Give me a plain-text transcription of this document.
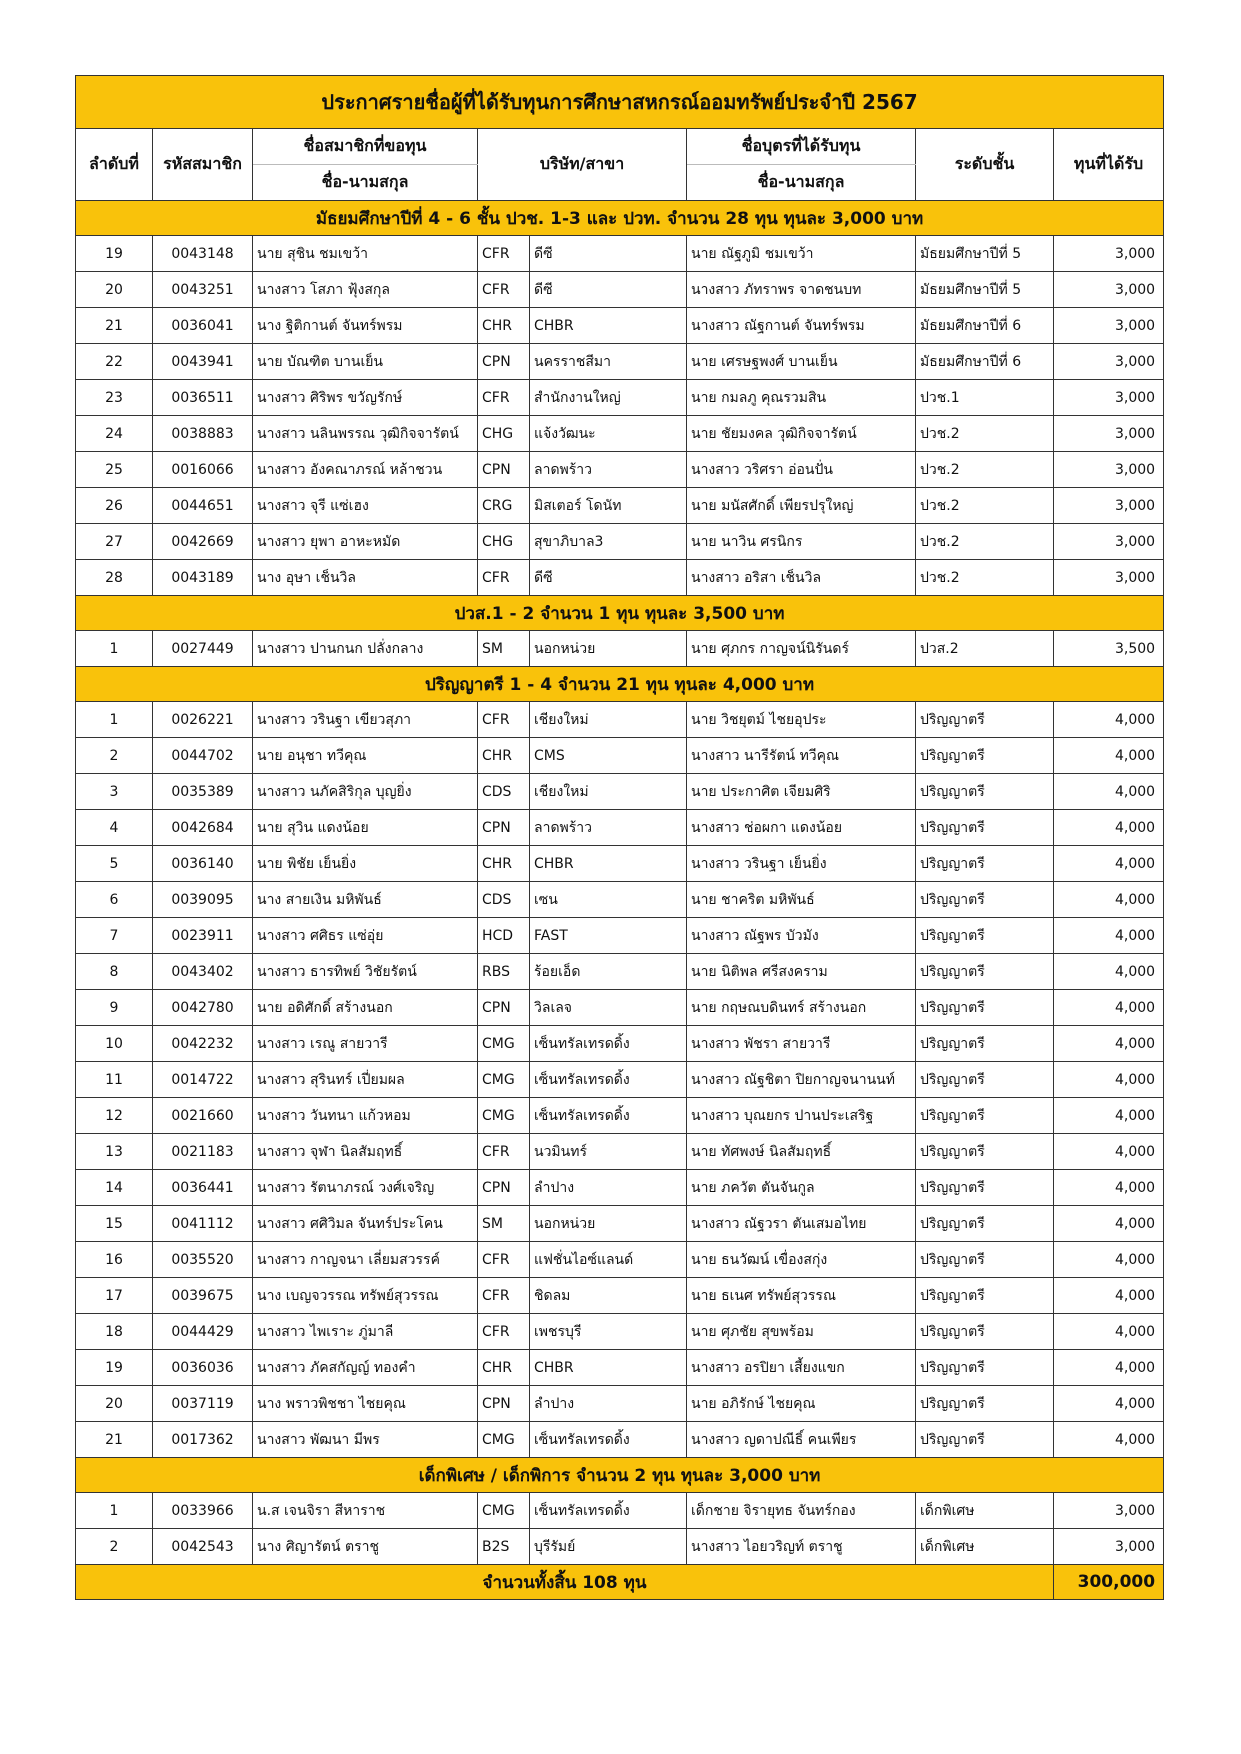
ประกาศรายชื่อผู้ที่ได้รับทุนการศึกษาสหกรณ์ออมทรัพย์ประจำปี 2567							
ลำดับที่	รหัสสมาชิก	ชื่อสมาชิกที่ขอทุน	บริษัท/สาขา		ชื่อบุตรที่ได้รับทุน	ระดับชั้น	ทุนที่ได้รับ
		ชื่อ-นามสกุล			ชื่อ-นามสกุล		
มัธยมศึกษาปีที่ 4 - 6 ชั้น ปวช. 1-3 และ ปวท. จำนวน 28 ทุน ทุนละ 3,000 บาท							
19	0043148	นาย สุชิน ชมเขว้า	CFR	ดีซี	นาย ณัฐภูมิ ชมเขว้า	มัธยมศึกษาปีที่ 5	3,000
20	0043251	นางสาว โสภา ฟุ้งสกุล	CFR	ดีซี	นางสาว ภัทราพร จาดชนบท	มัธยมศึกษาปีที่ 5	3,000
21	0036041	นาง ฐิติกานต์ จันทร์พรม	CHR	CHBR	นางสาว ณัฐกานต์ จันทร์พรม	มัธยมศึกษาปีที่ 6	3,000
22	0043941	นาย บัณฑิต บานเย็น	CPN	นครราชสีมา	นาย เศรษฐพงศ์ บานเย็น	มัธยมศึกษาปีที่ 6	3,000
23	0036511	นางสาว ศิริพร ขวัญรักษ์	CFR	สำนักงานใหญ่	นาย กมลภู คุณรวมสิน	ปวช.1	3,000
24	0038883	นางสาว นลินพรรณ วุฒิกิจจารัตน์	CHG	แจ้งวัฒนะ	นาย ชัยมงคล วุฒิกิจจารัตน์	ปวช.2	3,000
25	0016066	นางสาว อังคณาภรณ์ หล้าชวน	CPN	ลาดพร้าว	นางสาว วริศรา อ่อนปั่น	ปวช.2	3,000
26	0044651	นางสาว จุรี แซ่เฮง	CRG	มิสเตอร์ โดนัท	นาย มนัสศักดิ์ เพียรปรุใหญ่	ปวช.2	3,000
27	0042669	นางสาว ยุพา อาหะหมัด	CHG	สุขาภิบาล3	นาย นาวิน ศรนิกร	ปวช.2	3,000
28	0043189	นาง อุษา เช็นวิล	CFR	ดีซี	นางสาว อริสา เช็นวิล	ปวช.2	3,000
ปวส.1 - 2 จำนวน 1 ทุน ทุนละ 3,500 บาท							
1	0027449	นางสาว ปานกนก ปลั่งกลาง	SM	นอกหน่วย	นาย ศุภกร กาญจน์นิรันดร์	ปวส.2	3,500
ปริญญาตรี 1 - 4 จำนวน 21 ทุน ทุนละ 4,000 บาท							
1	0026221	นางสาว วรินฐา เขียวสุภา	CFR	เชียงใหม่	นาย วิชยุตม์ ไชยอุประ	ปริญญาตรี	4,000
2	0044702	นาย อนุชา ทวีคุณ	CHR	CMS	นางสาว นารีรัตน์ ทวีคุณ	ปริญญาตรี	4,000
3	0035389	นางสาว นภัคสิริกุล บุญยิ่ง	CDS	เชียงใหม่	นาย ประกาศิต เจียมศิริ	ปริญญาตรี	4,000
4	0042684	นาย สุวิน แดงน้อย	CPN	ลาดพร้าว	นางสาว ช่อผกา แดงน้อย	ปริญญาตรี	4,000
5	0036140	นาย พิชัย เย็นยิ่ง	CHR	CHBR	นางสาว วรินฐา เย็นยิ่ง	ปริญญาตรี	4,000
6	0039095	นาง สายเงิน มหิพันธ์	CDS	เซน	นาย ชาคริต มหิพันธ์	ปริญญาตรี	4,000
7	0023911	นางสาว ศศิธร แซ่อุ่ย	HCD	FAST	นางสาว ณัฐพร บัวมัง	ปริญญาตรี	4,000
8	0043402	นางสาว ธารทิพย์ วิชัยรัตน์	RBS	ร้อยเอ็ด	นาย นิติพล ศรีสงคราม	ปริญญาตรี	4,000
9	0042780	นาย อดิศักดิ์ สร้างนอก	CPN	วิลเลจ	นาย กฤษณบดินทร์ สร้างนอก	ปริญญาตรี	4,000
10	0042232	นางสาว เรณู สายวารี	CMG	เซ็นทรัลเทรดดิ้ง	นางสาว พัชรา สายวารี	ปริญญาตรี	4,000
11	0014722	นางสาว สุรินทร์ เปี่ยมผล	CMG	เซ็นทรัลเทรดดิ้ง	นางสาว ณัฐชิตา ปิยกาญจนานนท์	ปริญญาตรี	4,000
12	0021660	นางสาว วันทนา แก้วหอม	CMG	เซ็นทรัลเทรดดิ้ง	นางสาว บุณยกร ปานประเสริฐ	ปริญญาตรี	4,000
13	0021183	นางสาว จุฬา นิลสัมฤทธิ์	CFR	นวมินทร์	นาย ทัศพงษ์ นิลสัมฤทธิ์	ปริญญาตรี	4,000
14	0036441	นางสาว รัตนาภรณ์ วงศ์เจริญ	CPN	ลำปาง	นาย ภควัต ตันจันกูล	ปริญญาตรี	4,000
15	0041112	นางสาว ศศิวิมล จันทร์ประโคน	SM	นอกหน่วย	นางสาว ณัฐวรา ตันเสมอไทย	ปริญญาตรี	4,000
16	0035520	นางสาว กาญจนา เลี่ยมสวรรค์	CFR	แฟชั่นไอซ์แลนด์	นาย ธนวัฒน์ เขื่องสกุ่ง	ปริญญาตรี	4,000
17	0039675	นาง เบญจวรรณ ทรัพย์สุวรรณ	CFR	ชิดลม	นาย ธเนศ ทรัพย์สุวรรณ	ปริญญาตรี	4,000
18	0044429	นางสาว ไพเราะ ภู่มาลี	CFR	เพชรบุรี	นาย ศุภชัย สุขพร้อม	ปริญญาตรี	4,000
19	0036036	นางสาว ภัคสกัญญ์ ทองคำ	CHR	CHBR	นางสาว อรปิยา เสี้ยงแขก	ปริญญาตรี	4,000
20	0037119	นาง พราวพิชชา ไชยคุณ	CPN	ลำปาง	นาย อภิรักษ์ ไชยคุณ	ปริญญาตรี	4,000
21	0017362	นางสาว พัฒนา มีพร	CMG	เซ็นทรัลเทรดดิ้ง	นางสาว ญดาปณีธิ์ คนเพียร	ปริญญาตรี	4,000
เด็กพิเศษ / เด็กพิการ จำนวน 2 ทุน ทุนละ 3,000 บาท							
1	0033966	น.ส เจนจิรา สีหาราช	CMG	เซ็นทรัลเทรดดิ้ง	เด็กชาย จิรายุทธ จันทร์กอง	เด็กพิเศษ	3,000
2	0042543	นาง ศิญารัตน์ ตราชู	B2S	บุรีรัมย์	นางสาว ไอยวริญท์ ตราชู	เด็กพิเศษ	3,000
จำนวนทั้งสิ้น 108 ทุน							300,000
